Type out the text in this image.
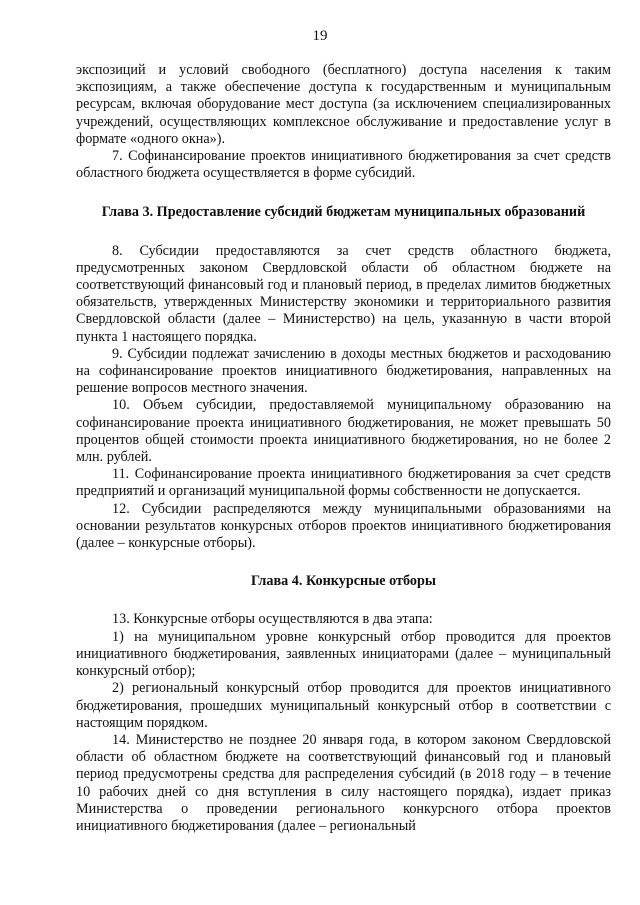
19

экспозиций и условий свободного (бесплатного) доступа населения к таким экспозициям, а также обеспечение доступа к государственным и муниципальным ресурсам, включая оборудование мест доступа (за исключением специализированных учреждений, осуществляющих комплексное обслуживание и предоставление услуг в формате «одного окна»).

7. Софинансирование проектов инициативного бюджетирования за счет средств областного бюджета осуществляется в форме субсидий.

Глава 3. Предоставление субсидий бюджетам муниципальных образований

8. Субсидии предоставляются за счет средств областного бюджета, предусмотренных законом Свердловской области об областном бюджете на соответствующий финансовый год и плановый период, в пределах лимитов бюджетных обязательств, утвержденных Министерству экономики и территориального развития Свердловской области (далее – Министерство) на цель, указанную в части второй пункта 1 настоящего порядка.

9. Субсидии подлежат зачислению в доходы местных бюджетов и расходованию на софинансирование проектов инициативного бюджетирования, направленных на решение вопросов местного значения.

10. Объем субсидии, предоставляемой муниципальному образованию на софинансирование проекта инициативного бюджетирования, не может превышать 50 процентов общей стоимости проекта инициативного бюджетирования, но не более 2 млн. рублей.

11. Софинансирование проекта инициативного бюджетирования за счет средств предприятий и организаций муниципальной формы собственности не допускается.

12. Субсидии распределяются между муниципальными образованиями на основании результатов конкурсных отборов проектов инициативного бюджетирования (далее – конкурсные отборы).

Глава 4. Конкурсные отборы

13. Конкурсные отборы осуществляются в два этапа:

1) на муниципальном уровне конкурсный отбор проводится для проектов инициативного бюджетирования, заявленных инициаторами (далее – муниципальный конкурсный отбор);

2) региональный конкурсный отбор проводится для проектов инициативного бюджетирования, прошедших муниципальный конкурсный отбор в соответствии с настоящим порядком.

14. Министерство не позднее 20 января года, в котором законом Свердловской области об областном бюджете на соответствующий финансовый год и плановый период предусмотрены средства для распределения субсидий (в 2018 году – в течение 10 рабочих дней со дня вступления в силу настоящего порядка), издает приказ Министерства о проведении регионального конкурсного отбора проектов инициативного бюджетирования (далее – региональный
